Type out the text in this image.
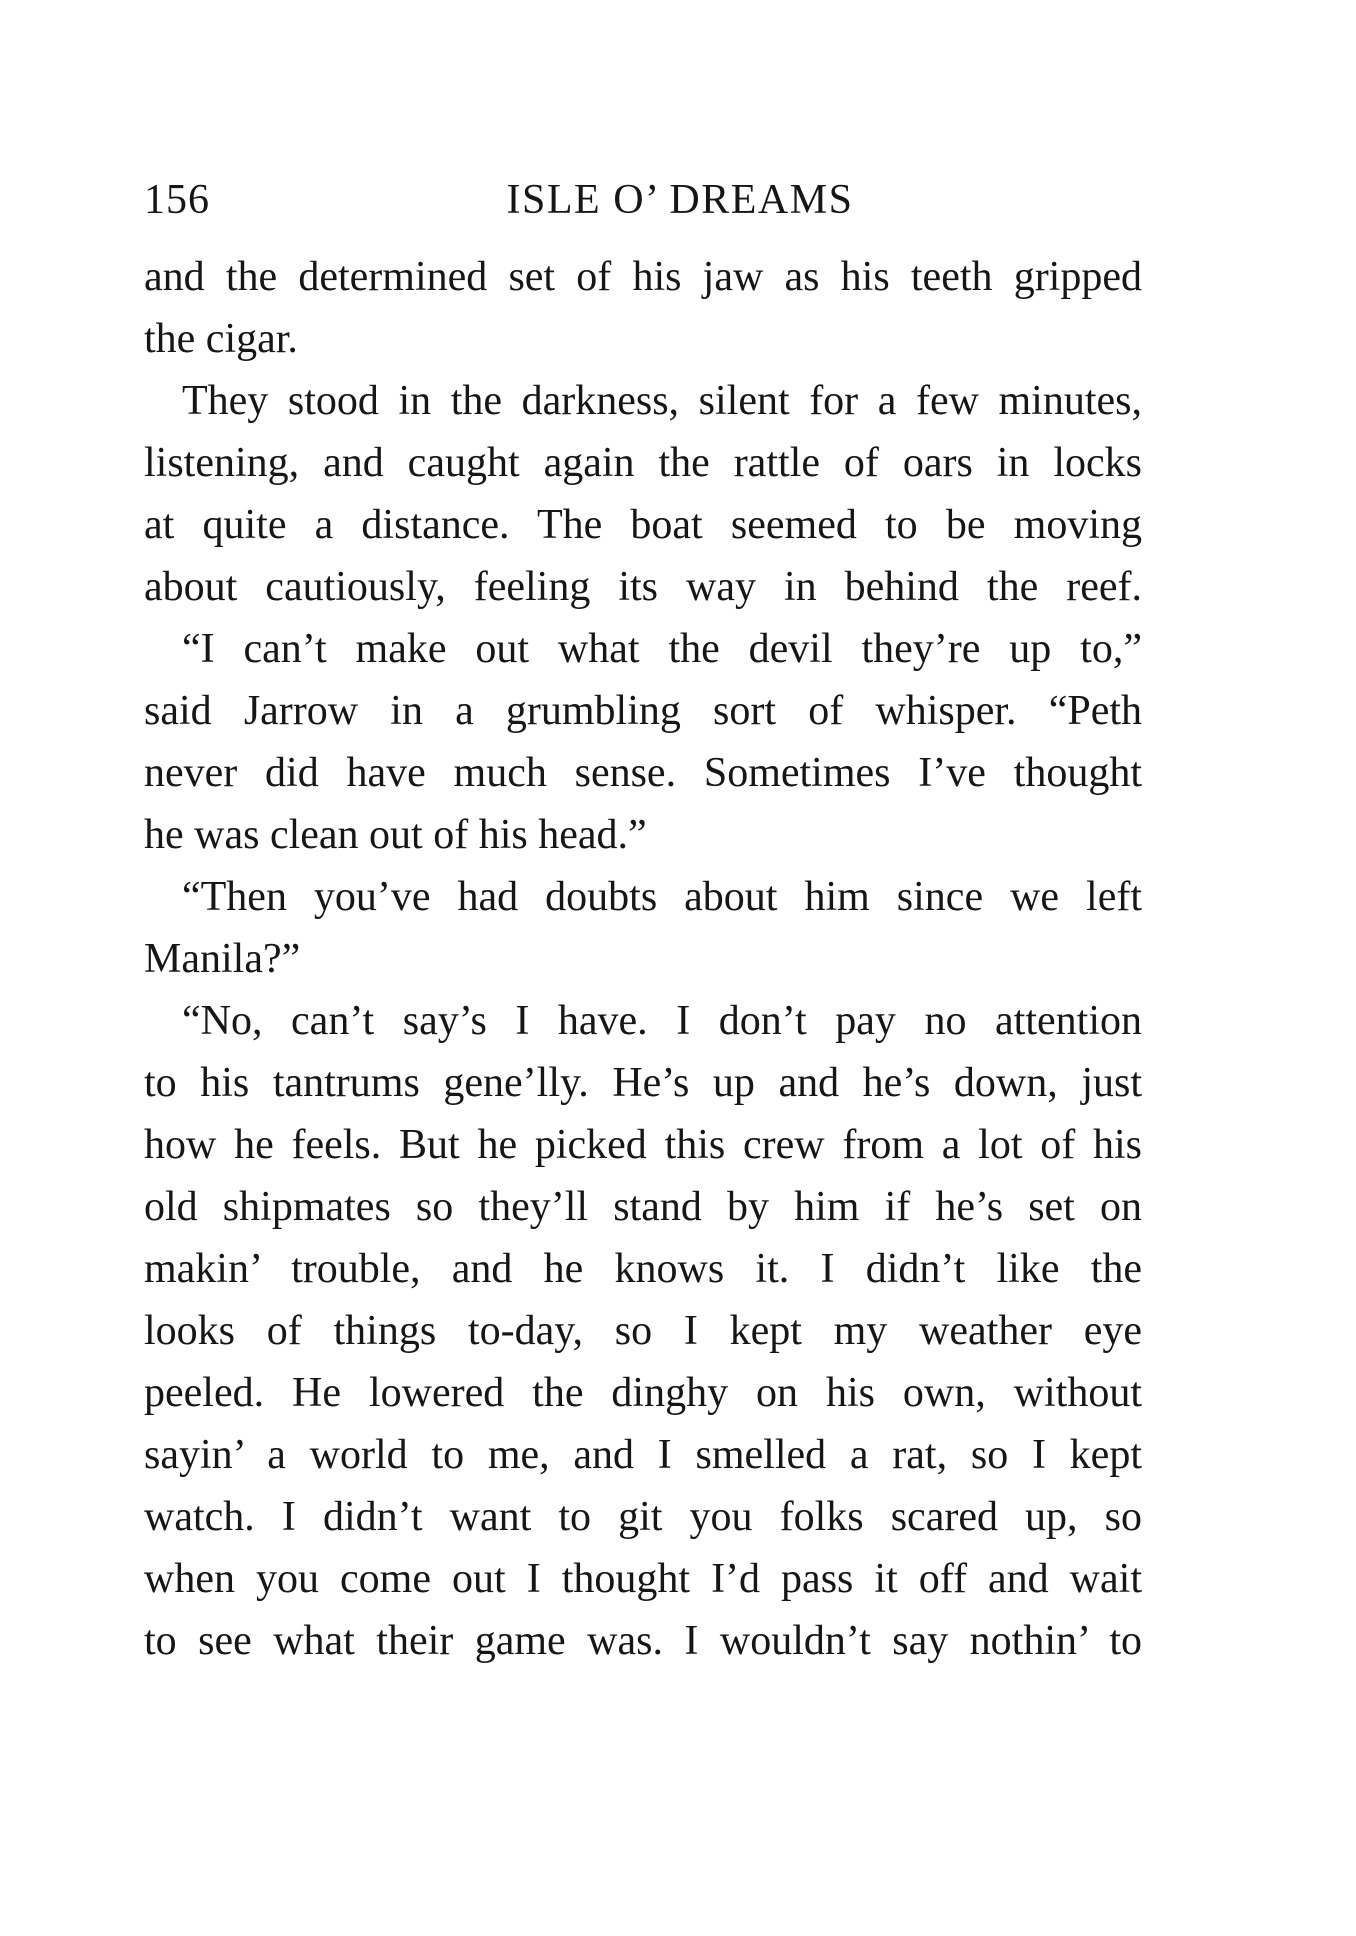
156	ISLE O’ DREAMS
and the determined set of his jaw as his teeth gripped
the cigar.
They stood in the darkness, silent for a few minutes,
listening, and caught again the rattle of oars in locks
at quite a distance. The boat seemed to be moving
about cautiously, feeling its way in behind the reef.
“I can’t make out what the devil they’re up to,”
said Jarrow in a grumbling sort of whisper. “Peth
never did have much sense. Sometimes I’ve thought
he was clean out of his head.”
“Then you’ve had doubts about him since we left
Manila?”
“No, can’t say’s I have. I don’t pay no attention
to his tantrums gene’lly. He’s up and he’s down, just
how he feels. But he picked this crew from a lot of his
old shipmates so they’ll stand by him if he’s set on
makin’ trouble, and he knows it. I didn’t like the
looks of things to-day, so I kept my weather eye
peeled. He lowered the dinghy on his own, without
sayin’ a world to me, and I smelled a rat, so I kept
watch. I didn’t want to git you folks scared up, so
when you come out I thought I’d pass it off and wait
to see what their game was. I wouldn’t say nothin’ to
